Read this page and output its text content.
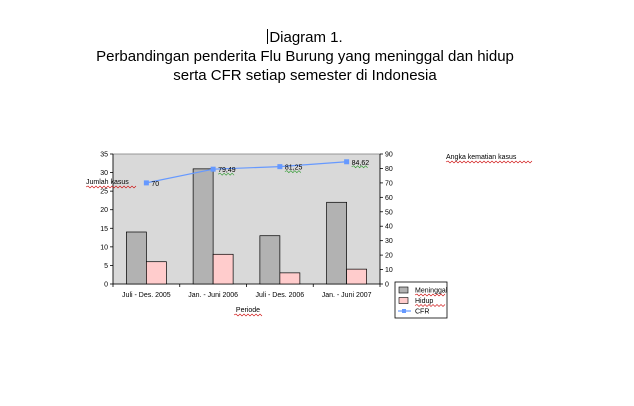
Diagram 1.
Perbandingan penderita Flu Burung yang meninggal dan hidup
serta CFR setiap semester di Indonesia
0
5
10
15
20
25
30
35
0
10
20
30
40
50
60
70
80
90
Juli - Des. 2005	Jan. - Juni 2006	Juli - Des. 2006	Jan. - Juni 2007
70
79,49	81,25
84,62
Jumlah kasus
Angka kematian kasus
Periode
Meninggal
Hidup
CFR
